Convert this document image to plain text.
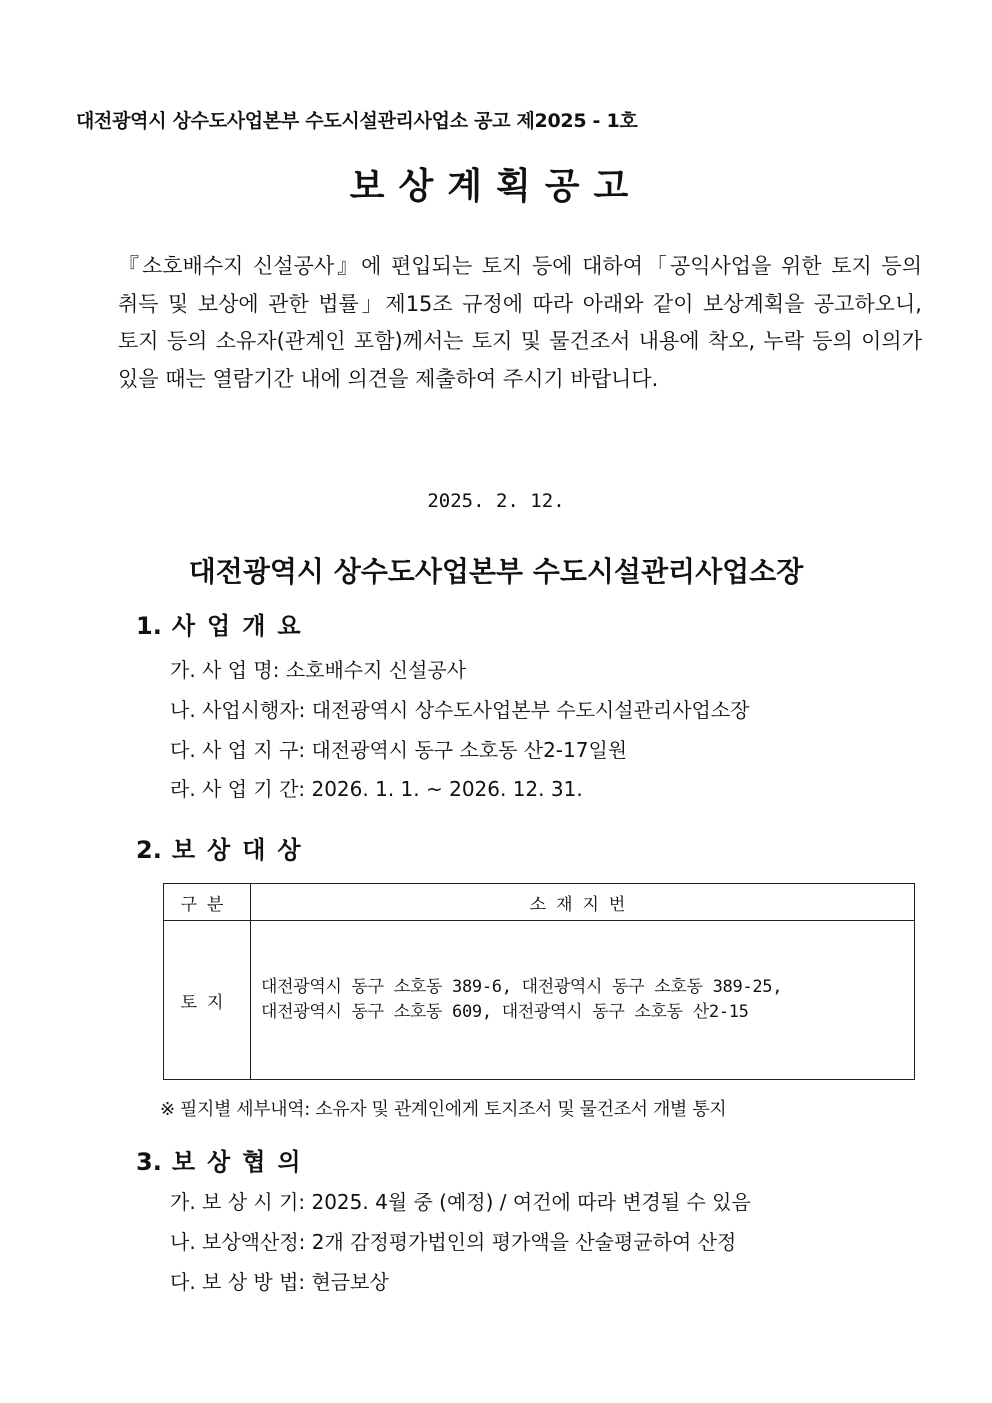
대전광역시 상수도사업본부 수도시설관리사업소 공고 제2025 - 1호
보상계획공고
『소호배수지 신설공사』에 편입되는 토지 등에 대하여「공익사업을 위한 토지 등의 취득 및 보상에 관한 법률」제15조 규정에 따라 아래와 같이 보상계획을 공고하오니, 토지 등의 소유자(관계인 포함)께서는 토지 및 물건조서 내용에 착오, 누락 등의 이의가 있을 때는 열람기간 내에 의견을 제출하여 주시기 바랍니다.
2025. 2. 12.
대전광역시 상수도사업본부 수도시설관리사업소장
1. 사업개요
가. 사 업 명: 소호배수지 신설공사
나. 사업시행자: 대전광역시 상수도사업본부 수도시설관리사업소장
다. 사 업 지 구: 대전광역시 동구 소호동 산2-17일원
라. 사 업 기 간: 2026. 1. 1. ~ 2026. 12. 31.
2. 보상대상
구분	소재지번
토지	대전광역시 동구 소호동 389-6, 대전광역시 동구 소호동 389-25,
대전광역시 동구 소호동 609, 대전광역시 동구 소호동 산2-15
※ 필지별 세부내역: 소유자 및 관계인에게 토지조서 및 물건조서 개별 통지
3. 보상협의
가. 보 상 시 기: 2025. 4월 중 (예정) / 여건에 따라 변경될 수 있음
나. 보상액산정: 2개 감정평가법인의 평가액을 산술평균하여 산정
다. 보 상 방 법: 현금보상
